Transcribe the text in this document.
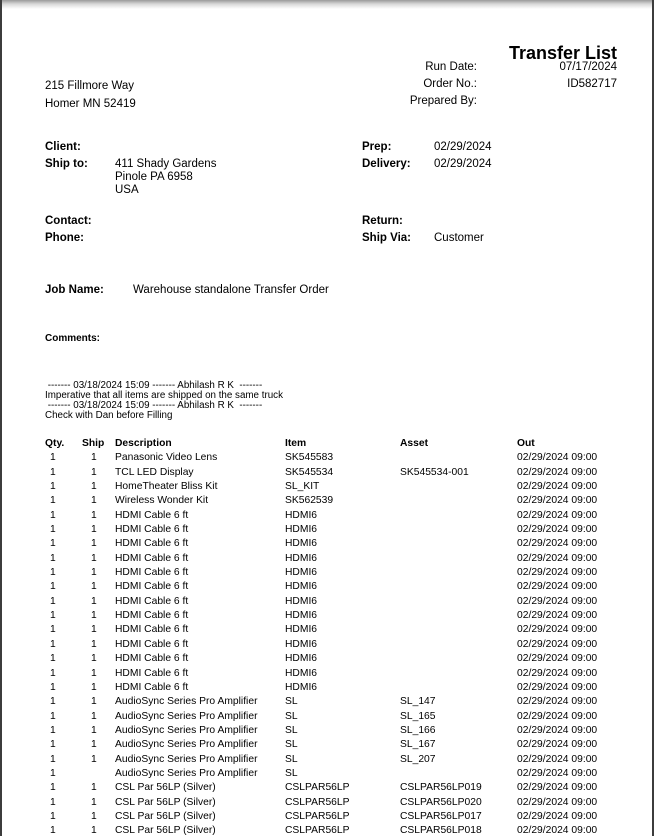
Transfer List
Run Date:	07/17/2024
Order No.:	ID582717
Prepared By:
215 Fillmore Way
Homer MN 52419
Client:
Ship to: 411 Shady Gardens
Pinole PA 6958
USA
Contact:
Phone:
Prep:	02/29/2024
Delivery: 02/29/2024
Return:
Ship Via: Customer
Job Name:	Warehouse standalone Transfer Order
Comments:

------- 03/18/2024 15:09 ------- Abhilash R K  -------
Imperative that all items are shipped on the same truck
------- 03/18/2024 15:09 ------- Abhilash R K  -------
Check with Dan before Filling
Qty.	Ship	Description	Item	Asset	Out
1	1	Panasonic Video Lens	SK545583		02/29/2024 09:00
1	1	TCL LED Display	SK545534	SK545534-001	02/29/2024 09:00
1	1	HomeTheater Bliss Kit	SL_KIT		02/29/2024 09:00
1	1	Wireless Wonder Kit	SK562539		02/29/2024 09:00
1	1	HDMI Cable 6 ft	HDMI6		02/29/2024 09:00
1	1	HDMI Cable 6 ft	HDMI6		02/29/2024 09:00
1	1	HDMI Cable 6 ft	HDMI6		02/29/2024 09:00
1	1	HDMI Cable 6 ft	HDMI6		02/29/2024 09:00
1	1	HDMI Cable 6 ft	HDMI6		02/29/2024 09:00
1	1	HDMI Cable 6 ft	HDMI6		02/29/2024 09:00
1	1	HDMI Cable 6 ft	HDMI6		02/29/2024 09:00
1	1	HDMI Cable 6 ft	HDMI6		02/29/2024 09:00
1	1	HDMI Cable 6 ft	HDMI6		02/29/2024 09:00
1	1	HDMI Cable 6 ft	HDMI6		02/29/2024 09:00
1	1	HDMI Cable 6 ft	HDMI6		02/29/2024 09:00
1	1	HDMI Cable 6 ft	HDMI6		02/29/2024 09:00
1	1	HDMI Cable 6 ft	HDMI6		02/29/2024 09:00
1	1	AudioSync Series Pro Amplifier	SL	SL_147	02/29/2024 09:00
1	1	AudioSync Series Pro Amplifier	SL	SL_165	02/29/2024 09:00
1	1	AudioSync Series Pro Amplifier	SL	SL_166	02/29/2024 09:00
1	1	AudioSync Series Pro Amplifier	SL	SL_167	02/29/2024 09:00
1	1	AudioSync Series Pro Amplifier	SL	SL_207	02/29/2024 09:00
1		AudioSync Series Pro Amplifier	SL		02/29/2024 09:00
1	1	CSL Par 56LP (Silver)	CSLPAR56LP	CSLPAR56LP019	02/29/2024 09:00
1	1	CSL Par 56LP (Silver)	CSLPAR56LP	CSLPAR56LP020	02/29/2024 09:00
1	1	CSL Par 56LP (Silver)	CSLPAR56LP	CSLPAR56LP017	02/29/2024 09:00
1	1	CSL Par 56LP (Silver)	CSLPAR56LP	CSLPAR56LP018	02/29/2024 09:00
